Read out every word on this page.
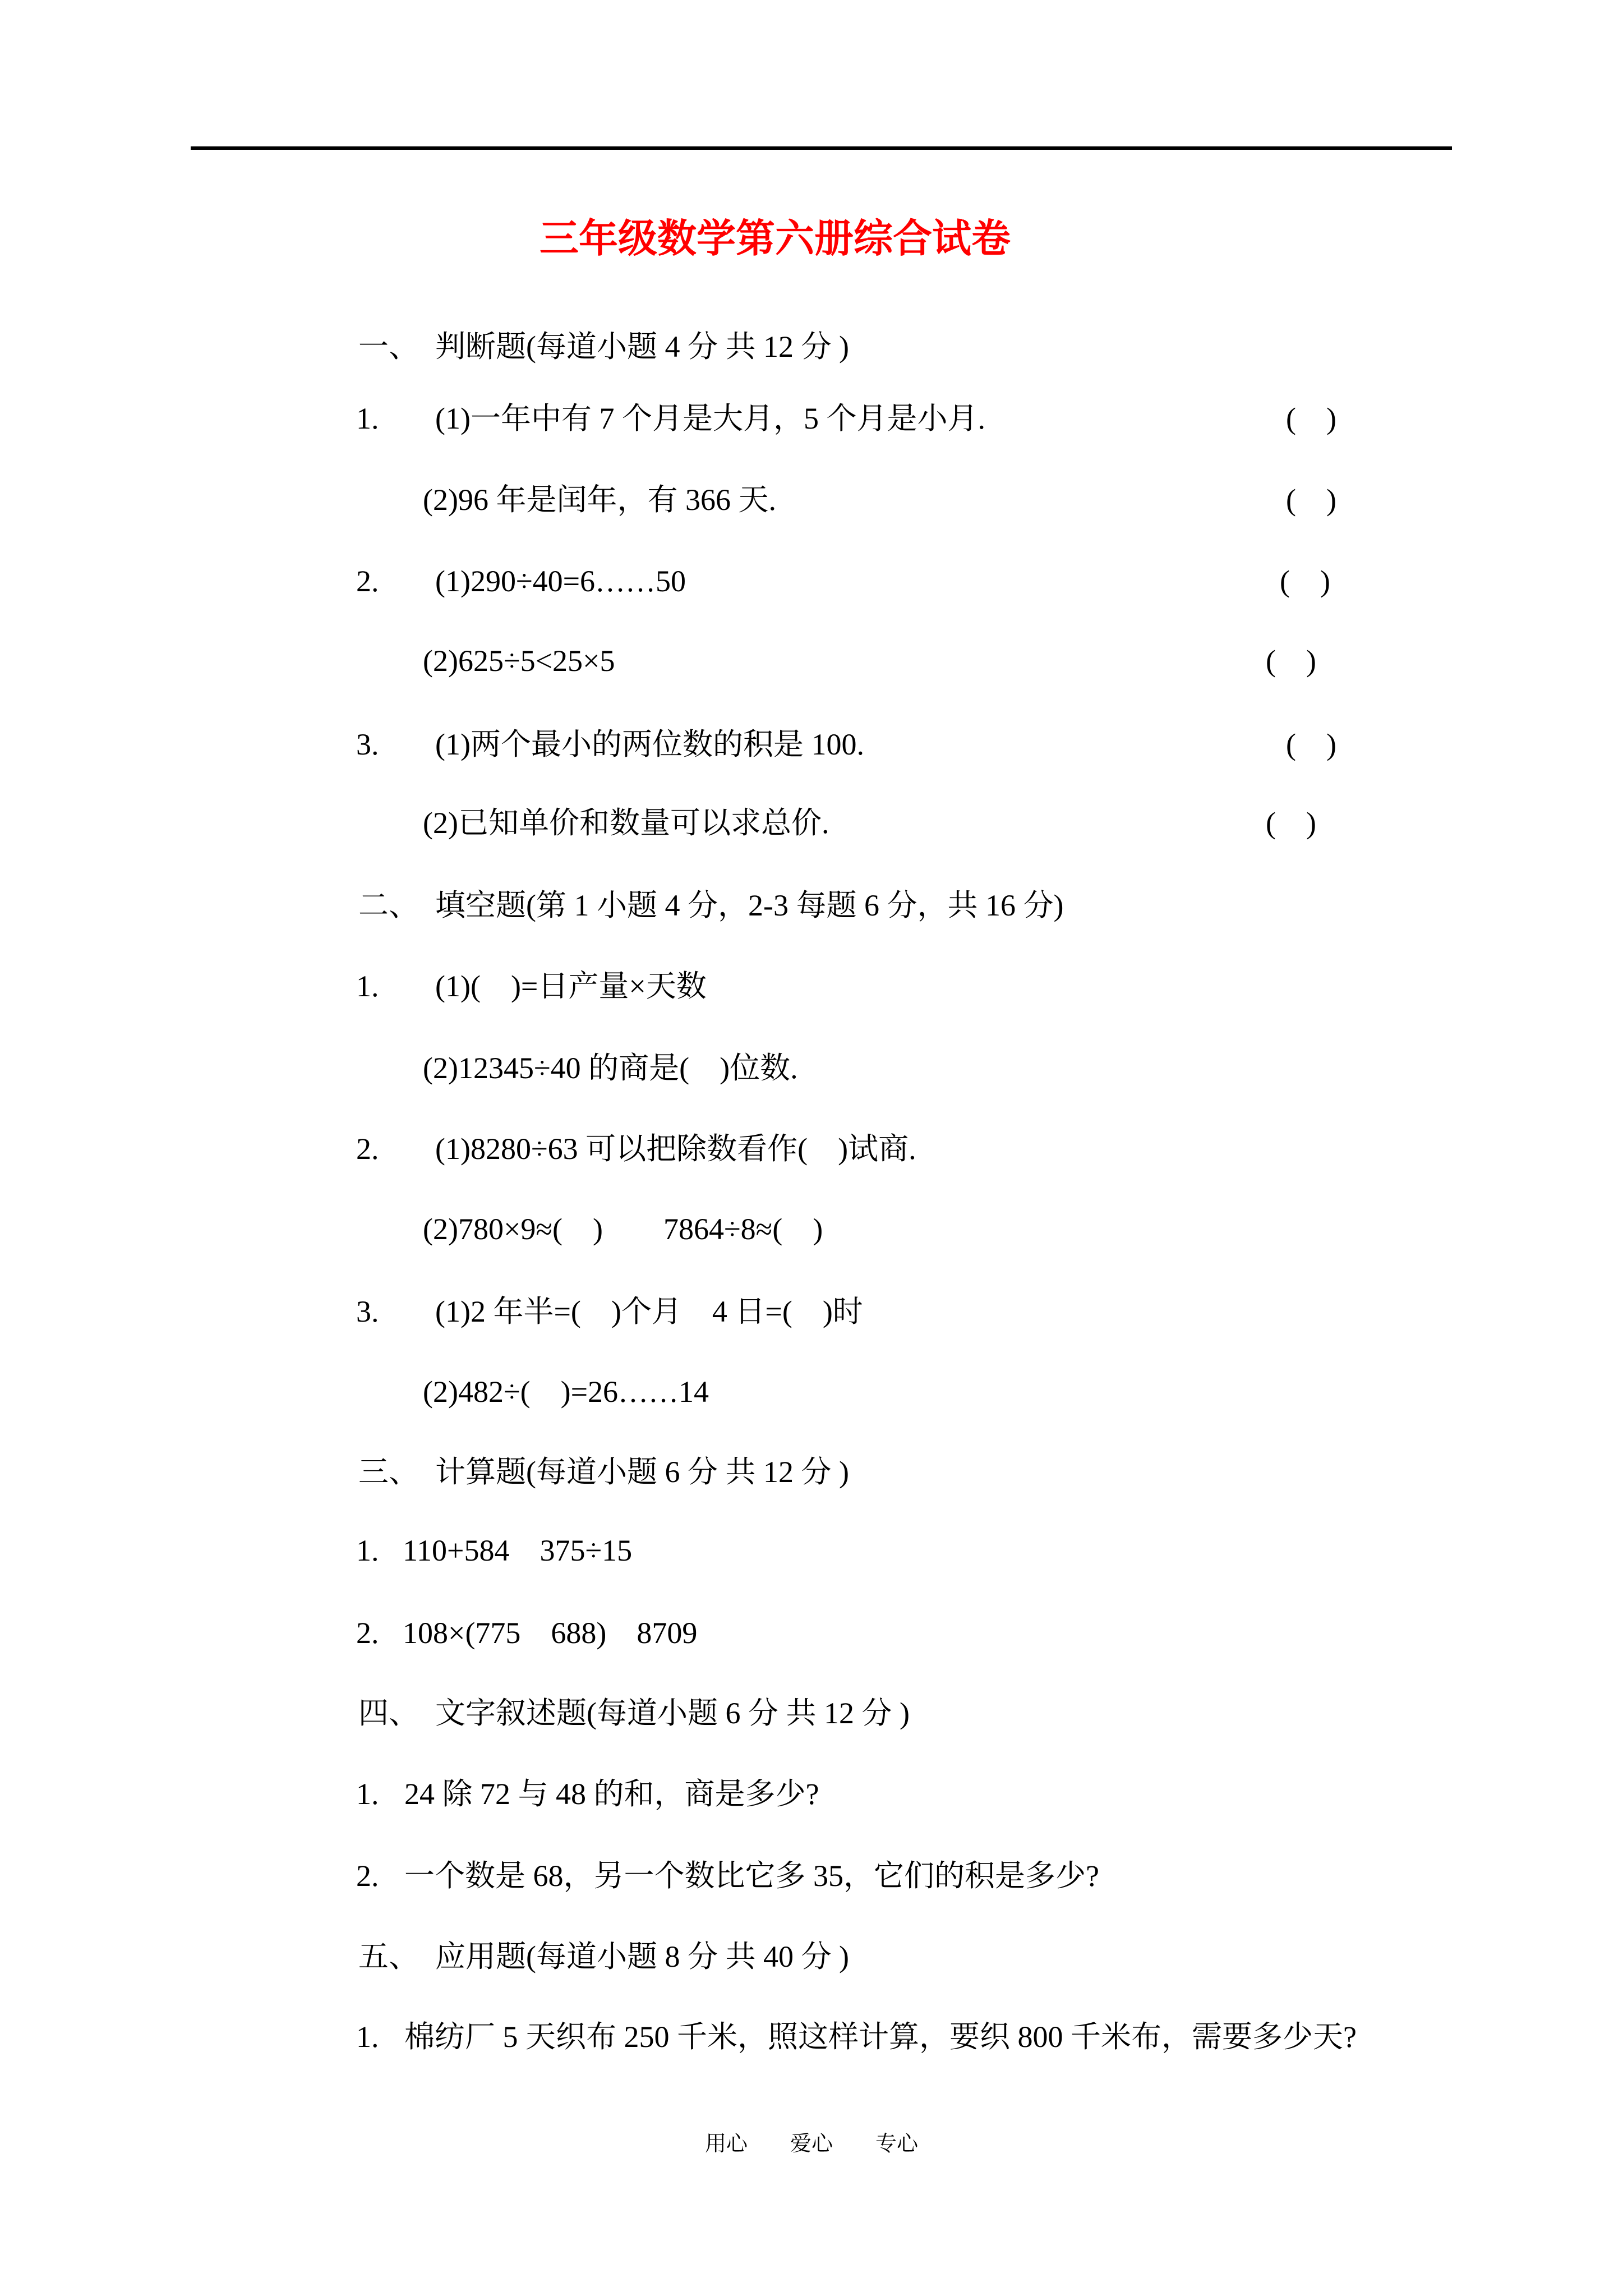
三年级数学第六册综合试卷
一、 判断题(每道小题 4 分 共 12 分 )
1. (1)一年中有 7 个月是大月，5 个月是小月.	(　)
(2)96 年是闰年，有 366 天.	(　)
2. (1)290÷40=6……50	(　)
(2)625÷5<25×5	(　)
3. (1)两个最小的两位数的积是 100.	(　)
(2)已知单价和数量可以求总价.	(　)
二、 填空题(第 1 小题 4 分，2-3 每题 6 分，共 16 分)
1. (1)(　)=日产量×天数
(2)12345÷40 的商是(　)位数.
2. (1)8280÷63 可以把除数看作(　)试商.
(2)780×9≈(　)　　7864÷8≈(　)
3. (1)2 年半=(　)个月　4 日=(　)时
(2)482÷(　)=26……14
三、 计算题(每道小题 6 分 共 12 分 )
1. 110+584　375÷15
2. 108×(775　688)　8709
四、 文字叙述题(每道小题 6 分 共 12 分 )
1. 24 除 72 与 48 的和，商是多少?
2. 一个数是 68，另一个数比它多 35，它们的积是多少?
五、 应用题(每道小题 8 分 共 40 分 )
1. 棉纺厂 5 天织布 250 千米，照这样计算，要织 800 千米布，需要多少天?
用心　　爱心　　专心
